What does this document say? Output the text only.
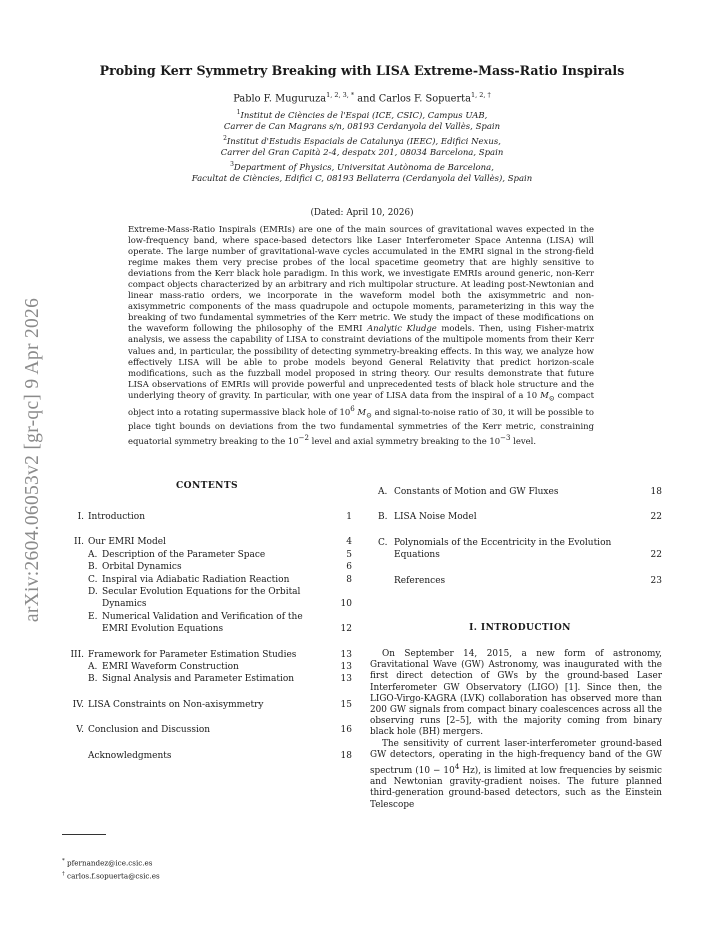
arXiv:2604.06053v2 [gr-qc] 9 Apr 2026
Probing Kerr Symmetry Breaking with LISA Extreme-Mass-Ratio Inspirals
Pablo F. Muguruza$^{1, 2, 3, *}$ and Carlos F. Sopuerta$^{1, 2, \dagger}$
$^1$Institut de Ciències de l'Espai (ICE, CSIC), Campus UAB,
Carrer de Can Magrans s/n, 08193 Cerdanyola del Vallès, Spain
$^2$Institut d'Estudis Espacials de Catalunya (IEEC), Edifici Nexus,
Carrer del Gran Capità 2-4, despatx 201, 08034 Barcelona, Spain
$^3$Department of Physics, Universitat Autònoma de Barcelona,
Facultat de Ciències, Edifici C, 08193 Bellaterra (Cerdanyola del Vallès), Spain
(Dated: April 10, 2026)

Extreme-Mass-Ratio Inspirals (EMRIs) are one of the main sources of gravitational waves expected in the low-frequency band, where space-based detectors like Laser Interferometer Space Antenna (LISA) will operate. The large number of gravitational-wave cycles accumulated in the EMRI signal in the strong-field regime makes them very precise probes of the local spacetime geometry that are highly sensitive to deviations from the Kerr black hole paradigm. In this work, we investigate EMRIs around generic, non-Kerr compact objects characterized by an arbitrary and rich multipolar structure. At leading post-Newtonian and linear mass-ratio orders, we incorporate in the waveform model both the axisymmetric and non-axisymmetric components of the mass quadrupole and octupole moments, parameterizing in this way the breaking of two fundamental symmetries of the Kerr metric. We study the impact of these modifications on the waveform following the philosophy of the EMRI Analytic Kludge models. Then, using Fisher-matrix analysis, we assess the capability of LISA to constraint deviations of the multipole moments from their Kerr values and, in particular, the possibility of detecting symmetry-breaking effects. In this way, we analyze how effectively LISA will be able to probe models beyond General Relativity that predict horizon-scale modifications, such as the fuzzball model proposed in string theory. Our results demonstrate that future LISA observations of EMRIs will provide powerful and unprecedented tests of black hole structure and the underlying theory of gravity. In particular, with one year of LISA data from the inspiral of a 10 $M_⊙$ compact object into a rotating supermassive black hole of $10^6$ $M_⊙$ and signal-to-noise ratio of 30, it will be possible to place tight bounds on deviations from the two fundamental symmetries of the Kerr metric, constraining equatorial symmetry breaking to the $10^{-2}$ level and axial symmetry breaking to the $10^{-3}$ level.

CONTENTS
I. Introduction	1
II. Our EMRI Model	4
A. Description of the Parameter Space	5
B. Orbital Dynamics	6
C. Inspiral via Adiabatic Radiation Reaction	8
D. Secular Evolution Equations for the Orbital
Dynamics	10
E. Numerical Validation and Verification of the
EMRI Evolution Equations	12
III. Framework for Parameter Estimation Studies	13
A. EMRI Waveform Construction	13
B. Signal Analysis and Parameter Estimation	13
IV. LISA Constraints on Non-axisymmetry	15
V. Conclusion and Discussion	16
Acknowledgments	18
* pfernandez@ice.csic.es
† carlos.f.sopuerta@csic.es
A. Constants of Motion and GW Fluxes	18
B. LISA Noise Model	22
C. Polynomials of the Eccentricity in the Evolution
Equations	22
References	23
I. INTRODUCTION

On September 14, 2015, a new form of astronomy, Gravitational Wave (GW) Astronomy, was inaugurated with the first direct detection of GWs by the ground-based Laser Interferometer GW Observatory (LIGO) [1]. Since then, the LIGO-Virgo-KAGRA (LVK) collaboration has observed more than 200 GW signals from compact binary coalescences across all the observing runs [2–5], with the majority coming from binary black hole (BH) mergers.

The sensitivity of current laser-interferometer ground-based GW detectors, operating in the high-frequency band of the GW spectrum ($10 - 10^4$ Hz), is limited at low frequencies by seismic and Newtonian gravity-gradient noises. The future planned third-generation ground-based detectors, such as the Einstein Telescope
